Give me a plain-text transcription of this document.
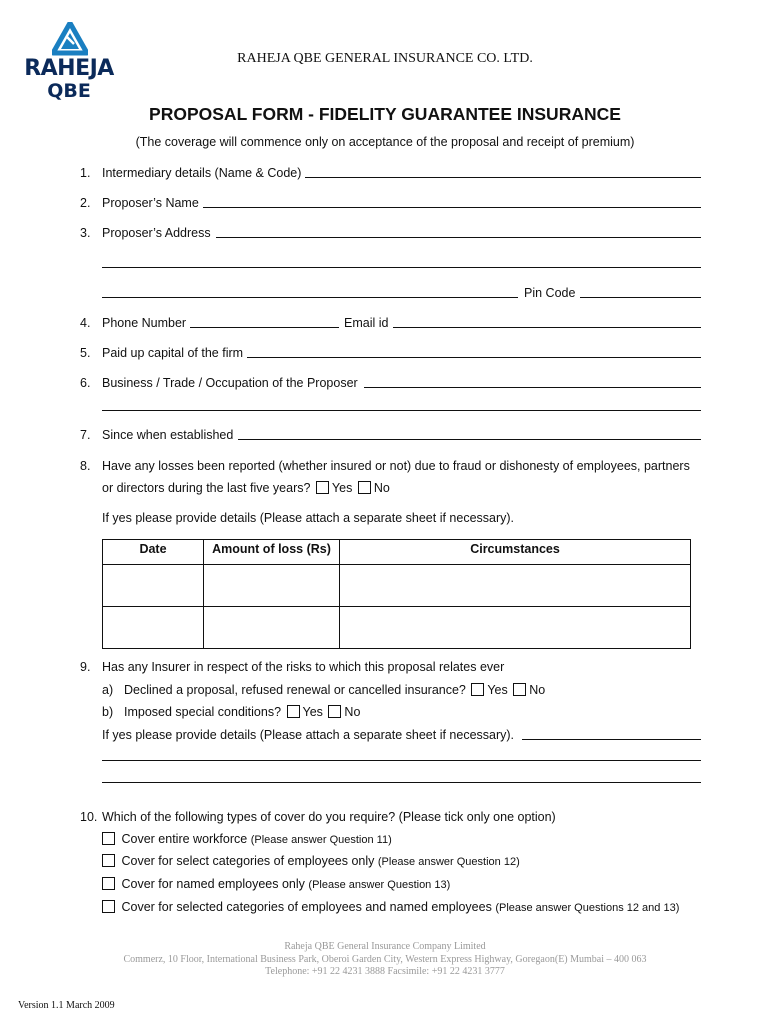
RAHEJA
QBE
RAHEJA QBE GENERAL INSURANCE CO. LTD.
PROPOSAL FORM - FIDELITY GUARANTEE INSURANCE
(The coverage will commence only on acceptance of the proposal and receipt of premium)
1. Intermediary details (Name & Code)
2. Proposer’s Name
3. Proposer’s Address
Pin Code
4. Phone Number	Email id
5. Paid up capital of the firm
6. Business / Trade / Occupation of the Proposer
7. Since when established
8. Have any losses been reported (whether insured or not) due to fraud or dishonesty of employees, partners
or directors during the last five years? Yes No
If yes please provide details (Please attach a separate sheet if necessary).
Date	Amount of loss (Rs)	Circumstances

9. Has any Insurer in respect of the risks to which this proposal relates ever
a) Declined a proposal, refused renewal or cancelled insurance? Yes No
b) Imposed special conditions? Yes No
If yes please provide details (Please attach a separate sheet if necessary).
10. Which of the following types of cover do you require? (Please tick only one option)
Cover entire workforce (Please answer Question 11)
Cover for select categories of employees only (Please answer Question 12)
Cover for named employees only (Please answer Question 13)
Cover for selected categories of employees and named employees (Please answer Questions 12 and 13)
Raheja QBE General Insurance Company Limited
Commerz, 10 Floor, International Business Park, Oberoi Garden City, Western Express Highway, Goregaon(E) Mumbai – 400 063
Telephone: +91 22 4231 3888 Facsimile: +91 22 4231 3777
Version 1.1 March 2009
